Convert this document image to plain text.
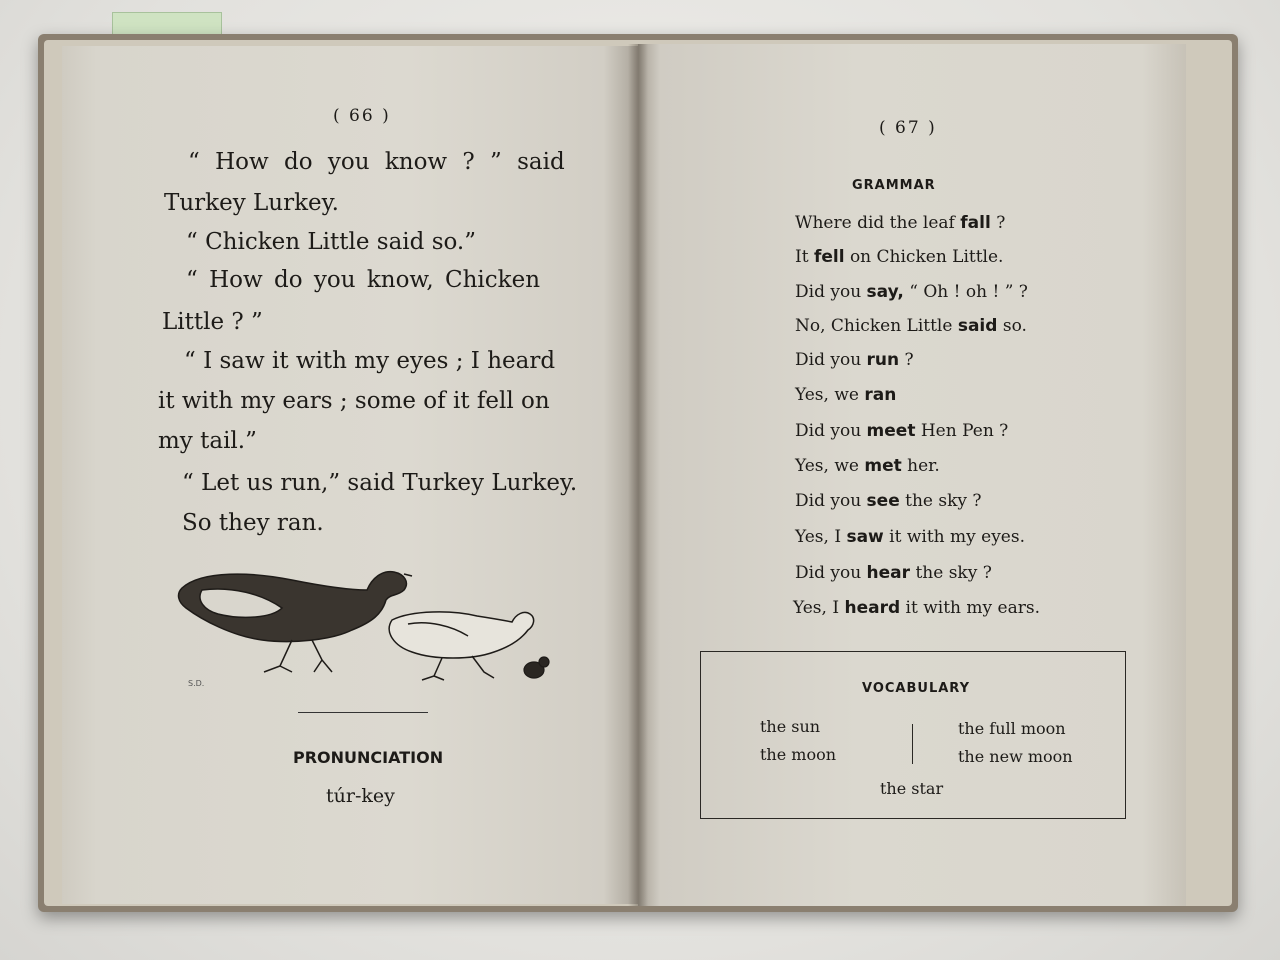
( 66 )
“ How do you know ? ” said
Turkey Lurkey.
“ Chicken Little said so.”
“ How do you know, Chicken
Little ? ”
“ I saw it with my eyes ; I heard
it with my ears ; some of it fell on
my tail.”
“ Let us run,” said Turkey Lurkey.
So they ran.
S.D.
PRONUNCIATION
túr-key
( 67 )
GRAMMAR
Where did the leaf fall ?
It fell on Chicken Little.
Did you say, “ Oh ! oh ! ” ?
No, Chicken Little said so.
Did you run ?
Yes, we ran
Did you meet Hen Pen ?
Yes, we met her.
Did you see the sky ?
Yes, I saw it with my eyes.
Did you hear the sky ?
Yes, I heard it with my ears.
VOCABULARY
the sun
the moon
the full moon
the new moon
the star
